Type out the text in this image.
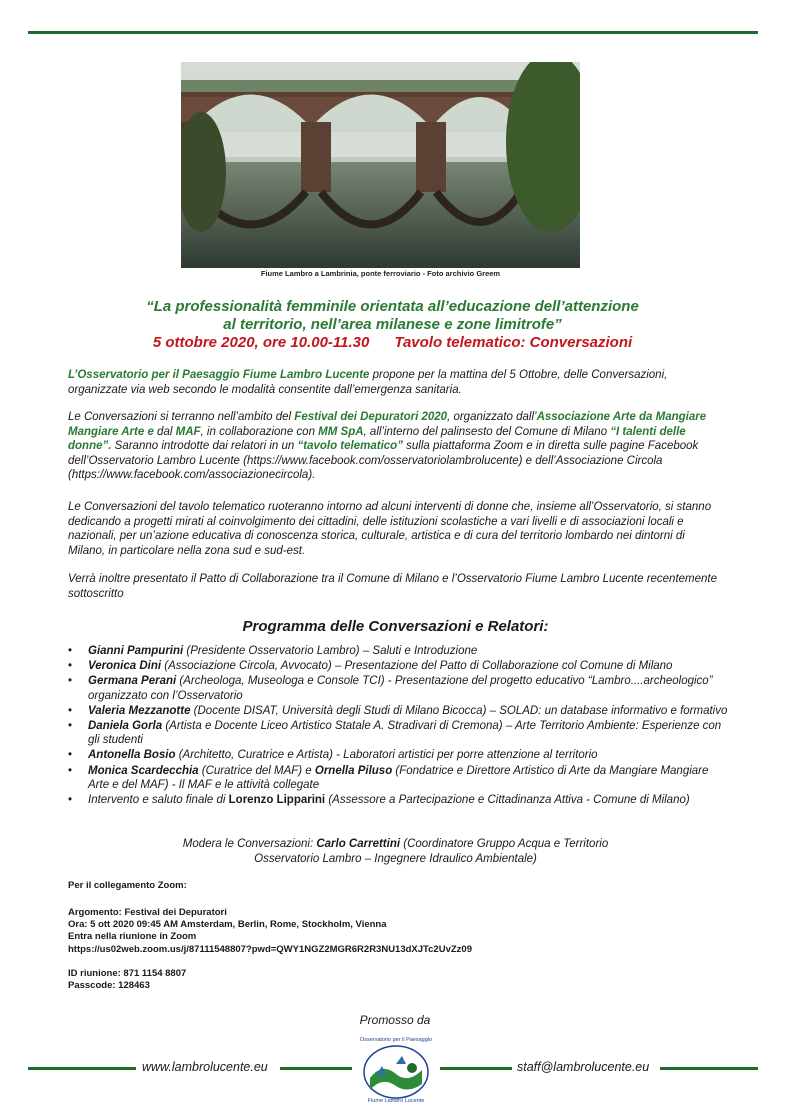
Fiume Lambro a Lambrinia, ponte ferroviario - Foto archivio Greem
“La professionalità femminile orientata all’educazione dell’attenzione
al territorio, nell’area milanese e zone limitrofe”
5 ottobre 2020, ore 10.00-11.30      Tavolo telematico: Conversazioni
L’Osservatorio per il Paesaggio Fiume Lambro Lucente propone per la mattina del 5 Ottobre, delle Conversazioni, organizzate via web secondo le modalità consentite dall’emergenza sanitaria.
Le Conversazioni si terranno nell’ambito del Festival dei Depuratori 2020, organizzato dall’Associazione Arte da Mangiare Mangiare Arte e dal MAF, in collaborazione con MM SpA, all’interno del palinsesto del Comune di Milano “I talenti delle donne”. Saranno introdotte dai relatori in un “tavolo telematico” sulla piattaforma Zoom e in diretta sulle pagine Facebook dell’Osservatorio Lambro Lucente (https://www.facebook.com/osservatoriolambrolucente) e dell’Associazione Circola (https://www.facebook.com/associazionecircola).
Le Conversazioni del tavolo telematico ruoteranno intorno ad alcuni interventi di donne che, insieme all’Osservatorio, si stanno dedicando a progetti mirati al coinvolgimento dei cittadini, delle istituzioni scolastiche a vari livelli e di associazioni locali e nazionali, per un’azione educativa di conoscenza storica, culturale, artistica e di cura del territorio lombardo nei dintorni di Milano, in particolare nella zona sud e sud-est.
Verrà inoltre presentato il Patto di Collaborazione tra il Comune di Milano e l’Osservatorio Fiume Lambro Lucente recentemente sottoscritto
Programma delle Conversazioni e Relatori:
• Gianni Pampurini (Presidente Osservatorio Lambro) – Saluti e Introduzione
• Veronica Dini (Associazione Circola, Avvocato) – Presentazione del Patto di Collaborazione col Comune di Milano
• Germana Perani (Archeologa, Museologa e Console TCI) - Presentazione del progetto educativo “Lambro....archeologico” organizzato con l’Osservatorio
• Valeria Mezzanotte (Docente DISAT, Università degli Studi di Milano Bicocca) – SOLAD: un database informativo e formativo
• Daniela Gorla (Artista e Docente Liceo Artistico Statale A. Stradivari di Cremona) – Arte Territorio Ambiente: Esperienze con gli studenti
• Antonella Bosio (Architetto, Curatrice e Artista) - Laboratori artistici per porre attenzione al territorio
• Monica Scardecchia (Curatrice del MAF) e Ornella Piluso (Fondatrice e Direttore Artistico di Arte da Mangiare Mangiare Arte e del MAF) - Il MAF e le attività collegate
• Intervento e saluto finale di Lorenzo Lipparini (Assessore a Partecipazione e Cittadinanza Attiva - Comune di Milano)
Modera le Conversazioni: Carlo Carrettini (Coordinatore Gruppo Acqua e Territorio
Osservatorio Lambro – Ingegnere Idraulico Ambientale)
Per il collegamento Zoom:
Argomento: Festival dei Depuratori
Ora: 5 ott 2020 09:45 AM Amsterdam, Berlin, Rome, Stockholm, Vienna
Entra nella riunione in Zoom
https://us02web.zoom.us/j/87111548807?pwd=QWY1NGZ2MGR6R2R3NU13dXJTc2UvZz09
ID riunione: 871 1154 8807
Passcode: 128463
Promosso da
Osservatorio per il Paesaggio
Fiume Lambro Lucente
www.lambrolucente.eu	staff@lambrolucente.eu
